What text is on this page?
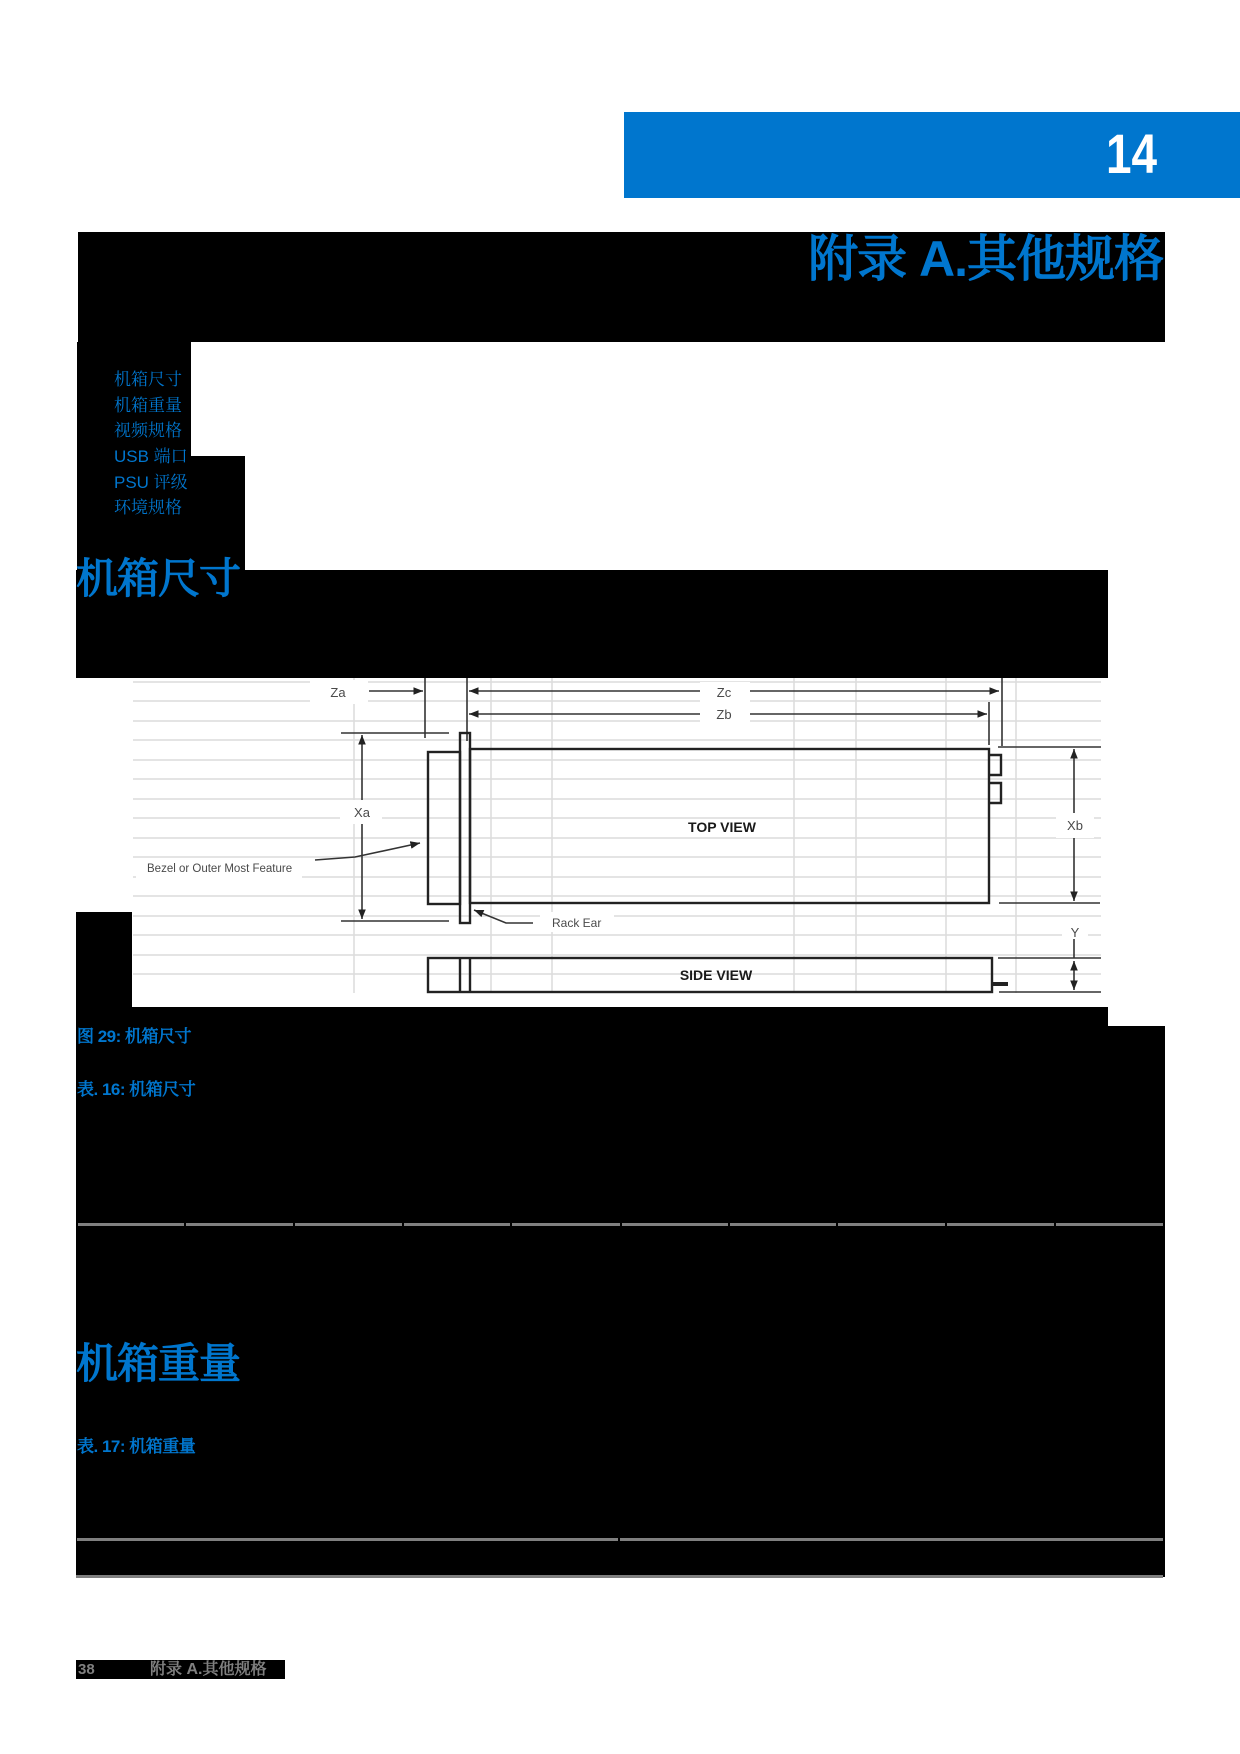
14
附录 A.其他规格
机箱尺寸
机箱重量
视频规格
USB 端口
PSU 评级
环境规格
机箱尺寸
Za	Zc
Zb
Xa
Xb
Y
Bezel or Outer Most Feature
Rack Ear
TOP VIEW
SIDE VIEW
图 29: 机箱尺寸
表. 16: 机箱尺寸
机箱重量
表. 17: 机箱重量
38	附录 A.其他规格
